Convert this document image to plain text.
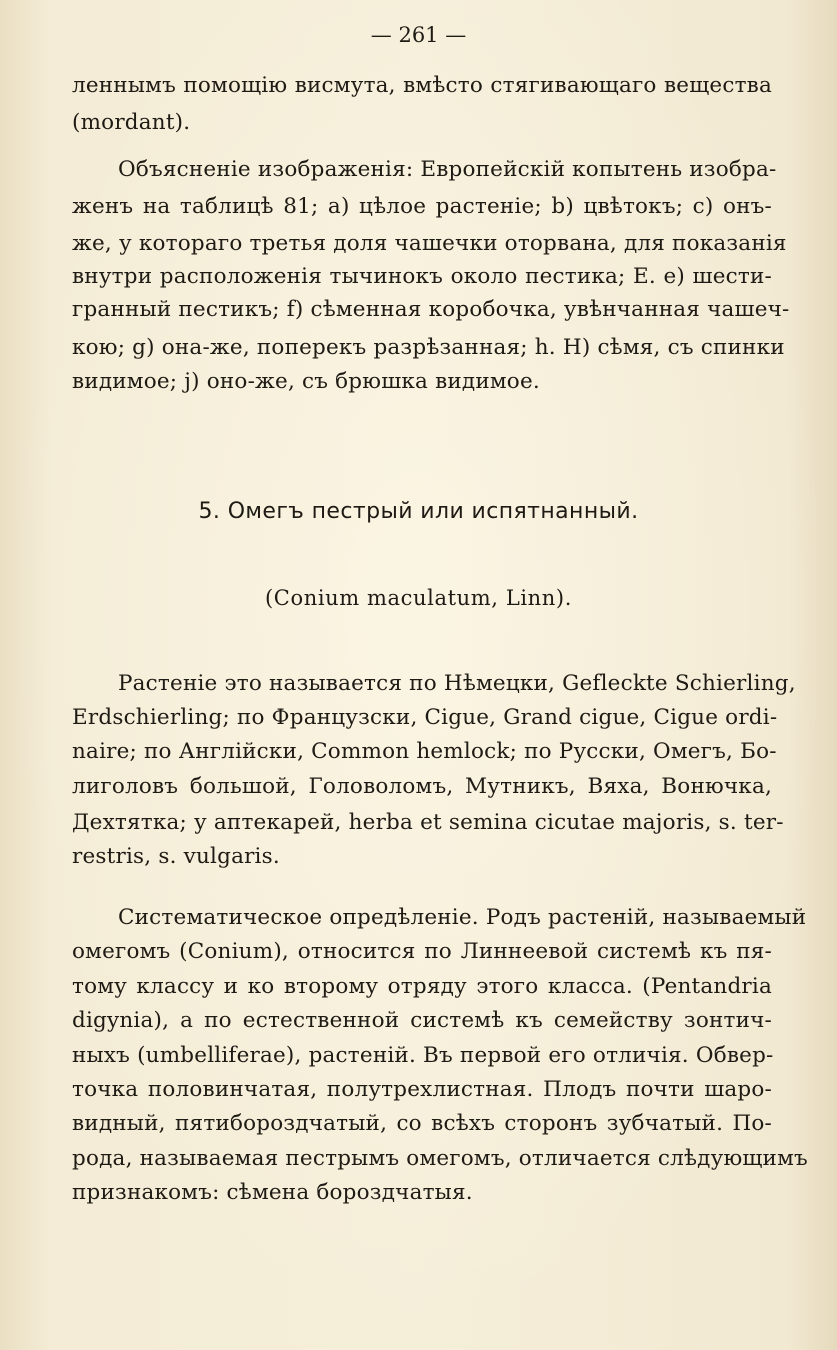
— 261 —
леннымъ помощію висмута, вмѣсто стягивающаго вещества
(mordant).
Объясненіе изображенія: Европейскій копытень изобра-
женъ на таблицѣ 81; a) цѣлое растеніе; b) цвѣтокъ; c) онъ-
же, у котораго третья доля чашечки оторвана, для показанія
внутри расположенія тычинокъ около пестика; E. e) шести-
гранный пестикъ; f) сѣменная коробочка, увѣнчанная чашеч-
кою; g) она-же, поперекъ разрѣзанная; h. H) сѣмя, съ спинки
видимое; j) оно-же, съ брюшка видимое.
5. Омегъ пестрый или испятнанный.
(Conium maculatum, Linn).
Растеніе это называется по Нѣмецки, Gefleckte Schierling,
Erdschierling; по Французски, Cigue, Grand cigue, Cigue ordi-
naire; по Англійски, Common hemlock; по Русски, Омегъ, Бо-
лиголовъ большой, Головоломъ, Мутникъ, Вяха, Вонючка,
Дехтятка; у аптекарей, herba et semina cicutae majoris, s. ter-
restris, s. vulgaris.
Систематическое опредѣленіе. Родъ растеній, называемый
омегомъ (Conium), относится по Линнеевой системѣ къ пя-
тому классу и ко второму отряду этого класса. (Pentandria
digynia), а по естественной системѣ къ семейству зонтич-
ныхъ (umbelliferae), растеній. Въ первой его отличія. Обвер-
точка половинчатая, полутрехлистная. Плодъ почти шаро-
видный, пятибороздчатый, со всѣхъ сторонъ зубчатый. По-
рода, называемая пестрымъ омегомъ, отличается слѣдующимъ
признакомъ: сѣмена бороздчатыя.
